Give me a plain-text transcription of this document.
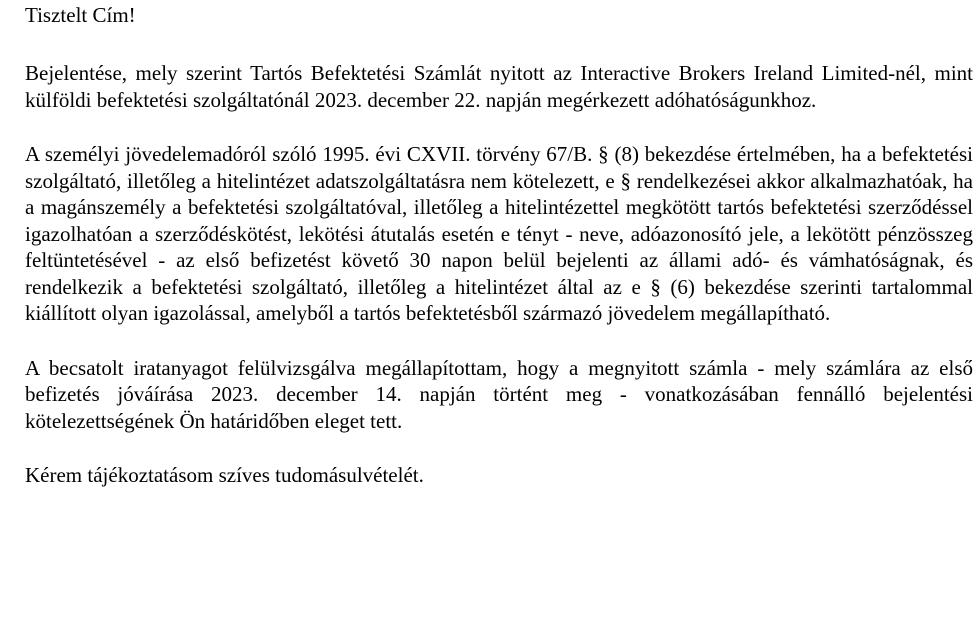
Tisztelt Cím!

Bejelentése, mely szerint Tartós Befektetési Számlát nyitott az Interactive Brokers Ireland Limited-nél, mint külföldi befektetési szolgáltatónál 2023. december 22. napján megérkezett adóhatóságunkhoz.

A személyi jövedelemadóról szóló 1995. évi CXVII. törvény 67/B. § (8) bekezdése értelmében, ha a befektetési szolgáltató, illetőleg a hitelintézet adatszolgáltatásra nem kötelezett, e § rendelkezései akkor alkalmazhatóak, ha a magánszemély a befektetési szolgáltatóval, illetőleg a hitelintézettel megkötött tartós befektetési szerződéssel igazolhatóan a szerződéskötést, lekötési átutalás esetén e tényt - neve, adóazonosító jele, a lekötött pénzösszeg feltüntetésével - az első befizetést követő 30 napon belül bejelenti az állami adó- és vámhatóságnak, és rendelkezik a befektetési szolgáltató, illetőleg a hitelintézet által az e § (6) bekezdése szerinti tartalommal kiállított olyan igazolással, amelyből a tartós befektetésből származó jövedelem megállapítható.

A becsatolt iratanyagot felülvizsgálva megállapítottam, hogy a megnyitott számla - mely számlára az első befizetés jóváírása 2023. december 14. napján történt meg - vonatkozásában fennálló bejelentési kötelezettségének Ön határidőben eleget tett.

Kérem tájékoztatásom szíves tudomásulvételét.
